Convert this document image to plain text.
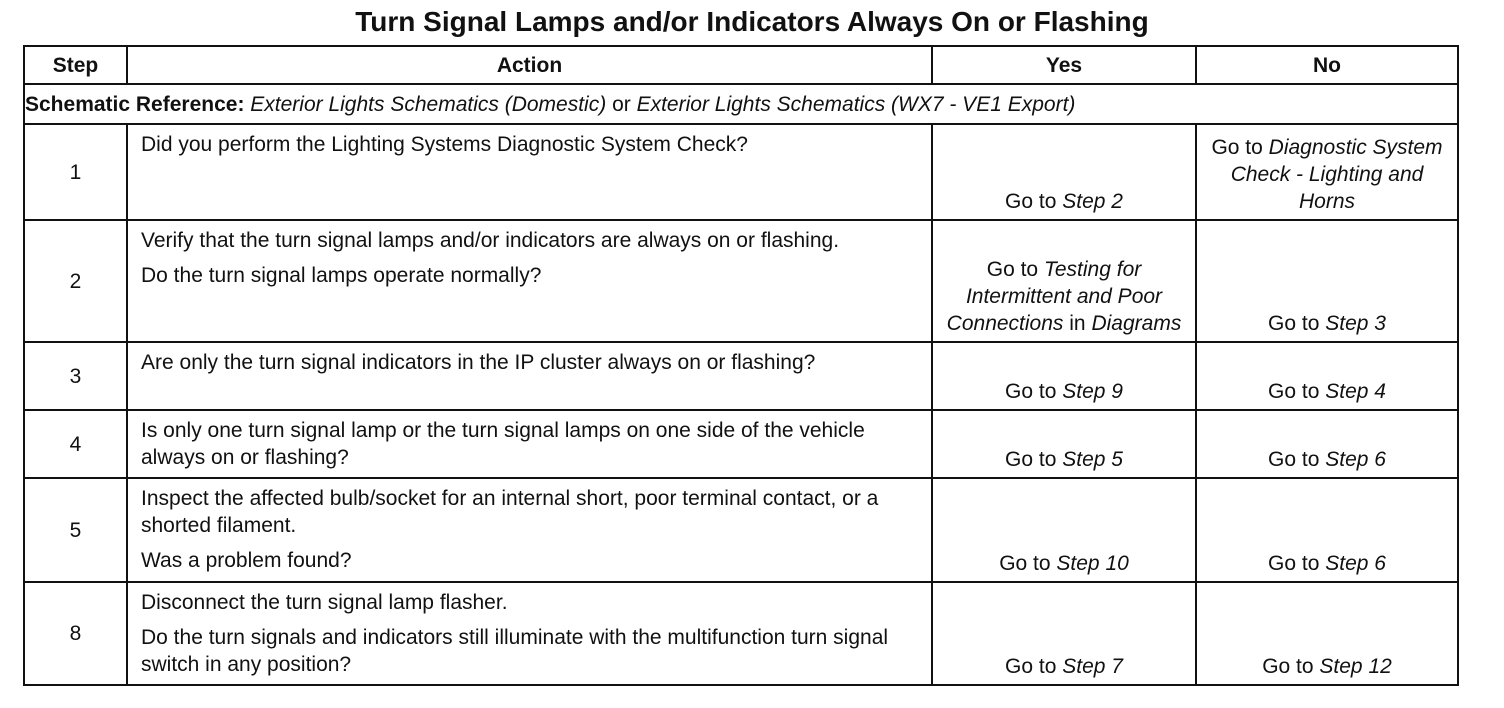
Turn Signal Lamps and/or Indicators Always On or Flashing
Step	Action	Yes	No
Schematic Reference: Exterior Lights Schematics (Domestic) or Exterior Lights Schematics (WX7 - VE1 Export)			
1	Did you perform the Lighting Systems Diagnostic System Check?	Go to Step 2	Go to Diagnostic System Check - Lighting and Horns
2	Verify that the turn signal lamps and/or indicators are always on or flashing.

Do the turn signal lamps operate normally?	Go to Testing for Intermittent and Poor Connections in Diagrams	Go to Step 3
3	Are only the turn signal indicators in the IP cluster always on or flashing?	Go to Step 9	Go to Step 4
4	Is only one turn signal lamp or the turn signal lamps on one side of the vehicle always on or flashing?	Go to Step 5	Go to Step 6
5	Inspect the affected bulb/socket for an internal short, poor terminal contact, or a shorted filament.

Was a problem found?	Go to Step 10	Go to Step 6
8	Disconnect the turn signal lamp flasher.

Do the turn signals and indicators still illuminate with the multifunction turn signal switch in any position?	Go to Step 7	Go to Step 12
